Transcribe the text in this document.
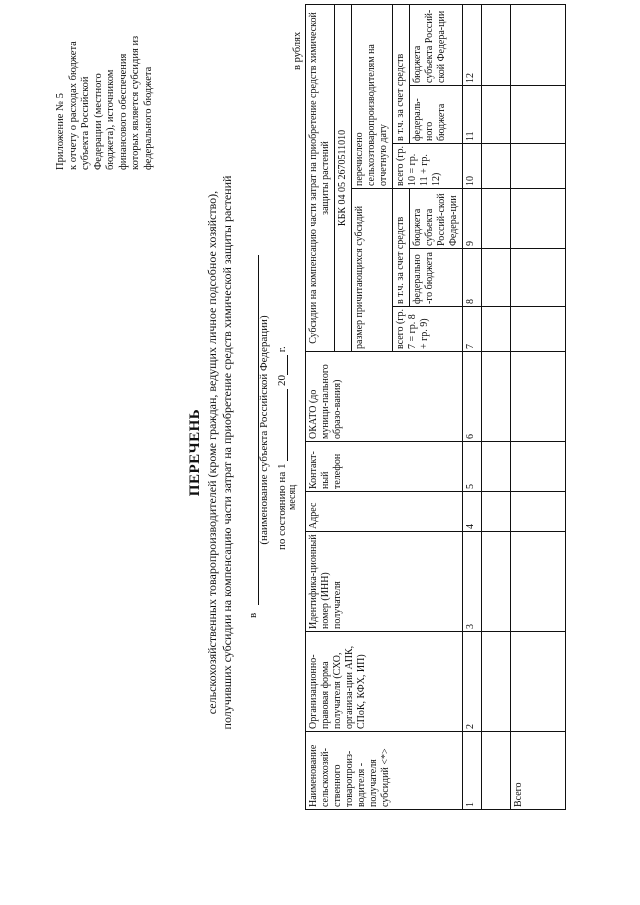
Приложение № 5 к отчету о расходах бюджета субъекта Российской Федерации (местного бюджета), источником финансового обеспечения которых является субсидия из федерального бюджета
ПЕРЕЧЕНЬ сельскохозяйственных товаропроизводителей (кроме граждан, ведущих личное подсобное хозяйство), получивших субсидии на компенсацию части затрат на приобретение средств химической защиты растений в
(наименование субъекта Российской Федерации) по состоянию на 1   20  г.
месяц
в рублях
Наименование сельскохозяй-ственного товаропроиз-водителя - получателя субсидий <*>	Организационно-правовая форма получателя (СХО, организа-ции АПК, СПоК, КФХ, ИП)	Идентифика-ционный номер (ИНН) получателя	Адрес	Контакт-ный телефон	ОКАТО (до муници-пального образо-вания)	Субсидии на компенсацию части затрат на приобретение средств химической защиты растений					
						КБК 04 05 2670511010					
						размер причитающихся субсидий			перечислено сельхозтоваропроизводителям на отчетную дату		
						всего (гр. 7 = гр. 8 + гр. 9)	в т.ч. за счет средств		всего (гр. 10 = гр. 11 + гр. 12)	в т.ч. за счет средств	
							федерально-го бюджета	бюджета субъекта Россий-ской Федера-ции		федераль-ного бюджета	бюджета субъекта Россий-ской Федера-ции
1	2	3	4	5	6	7	8	9	10	11	12

Всего											
